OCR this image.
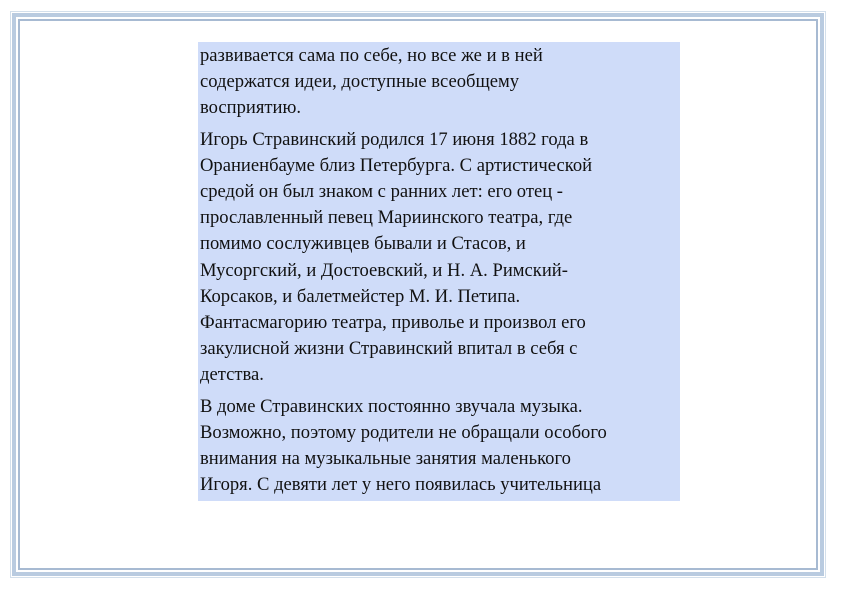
развивается сама по себе, но все же и в ней
содержатся идеи, доступные всеобщему
восприятию.

Игорь Стравинский родился 17 июня 1882 года в
Ораниенбауме близ Петербурга. С артистической
средой он был знаком с ранних лет: его отец -
прославленный певец Мариинского театра, где
помимо сослуживцев бывали и Стасов, и
Мусоргский, и Достоевский, и Н. А. Римский-
Корсаков, и балетмейстер М. И. Петипа.
Фантасмагорию театра, приволье и произвол его
закулисной жизни Стравинский впитал в себя с
детства.

В доме Стравинских постоянно звучала музыка.
Возможно, поэтому родители не обращали особого
внимания на музыкальные занятия маленького
Игоря. С девяти лет у него появилась учительница
